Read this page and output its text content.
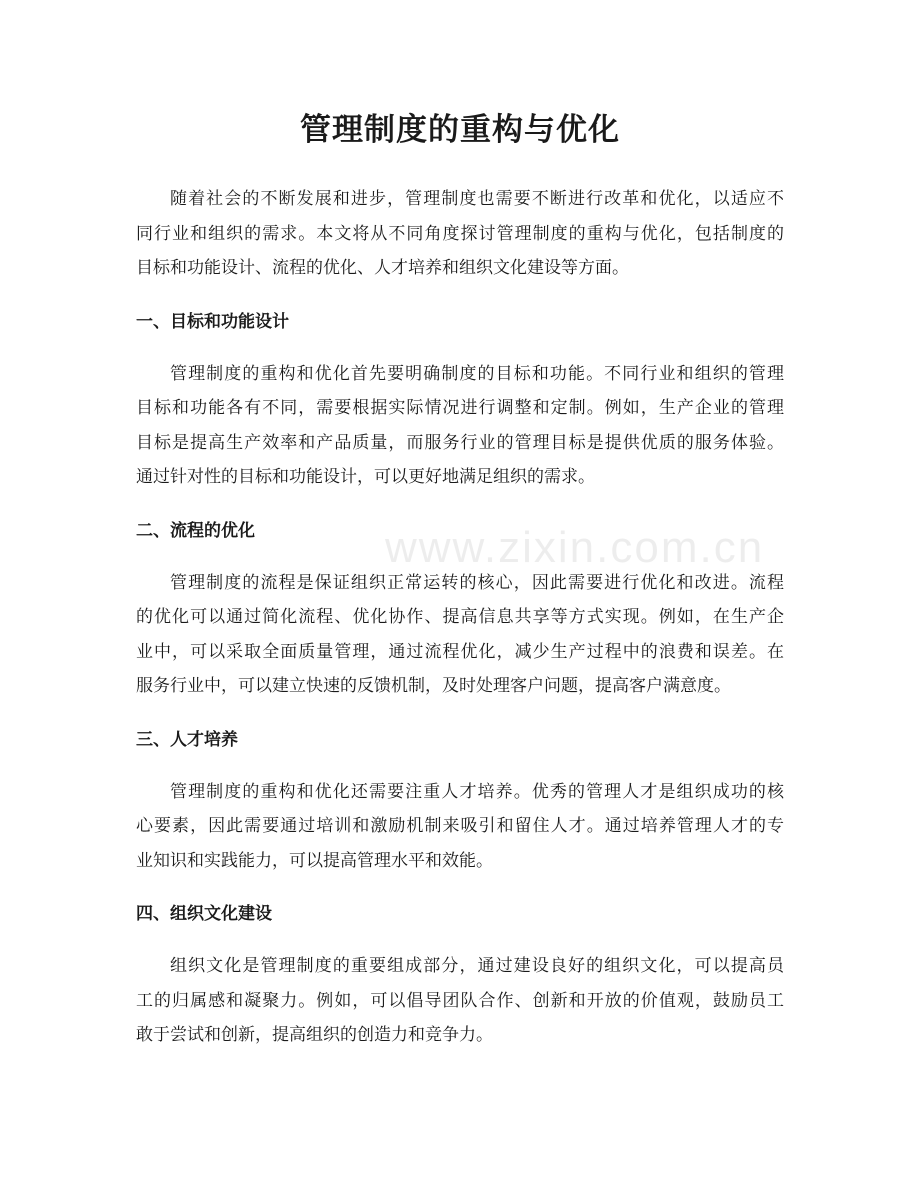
www.zixin.com.cn
管理制度的重构与优化
随着社会的不断发展和进步，管理制度也需要不断进行改革和优化，以适应不
同行业和组织的需求。本文将从不同角度探讨管理制度的重构与优化，包括制度的
目标和功能设计、流程的优化、人才培养和组织文化建设等方面。
一、目标和功能设计
管理制度的重构和优化首先要明确制度的目标和功能。不同行业和组织的管理
目标和功能各有不同，需要根据实际情况进行调整和定制。例如，生产企业的管理
目标是提高生产效率和产品质量，而服务行业的管理目标是提供优质的服务体验。
通过针对性的目标和功能设计，可以更好地满足组织的需求。
二、流程的优化
管理制度的流程是保证组织正常运转的核心，因此需要进行优化和改进。流程
的优化可以通过简化流程、优化协作、提高信息共享等方式实现。例如，在生产企
业中，可以采取全面质量管理，通过流程优化，减少生产过程中的浪费和误差。在
服务行业中，可以建立快速的反馈机制，及时处理客户问题，提高客户满意度。
三、人才培养
管理制度的重构和优化还需要注重人才培养。优秀的管理人才是组织成功的核
心要素，因此需要通过培训和激励机制来吸引和留住人才。通过培养管理人才的专
业知识和实践能力，可以提高管理水平和效能。
四、组织文化建设
组织文化是管理制度的重要组成部分，通过建设良好的组织文化，可以提高员
工的归属感和凝聚力。例如，可以倡导团队合作、创新和开放的价值观，鼓励员工
敢于尝试和创新，提高组织的创造力和竞争力。
